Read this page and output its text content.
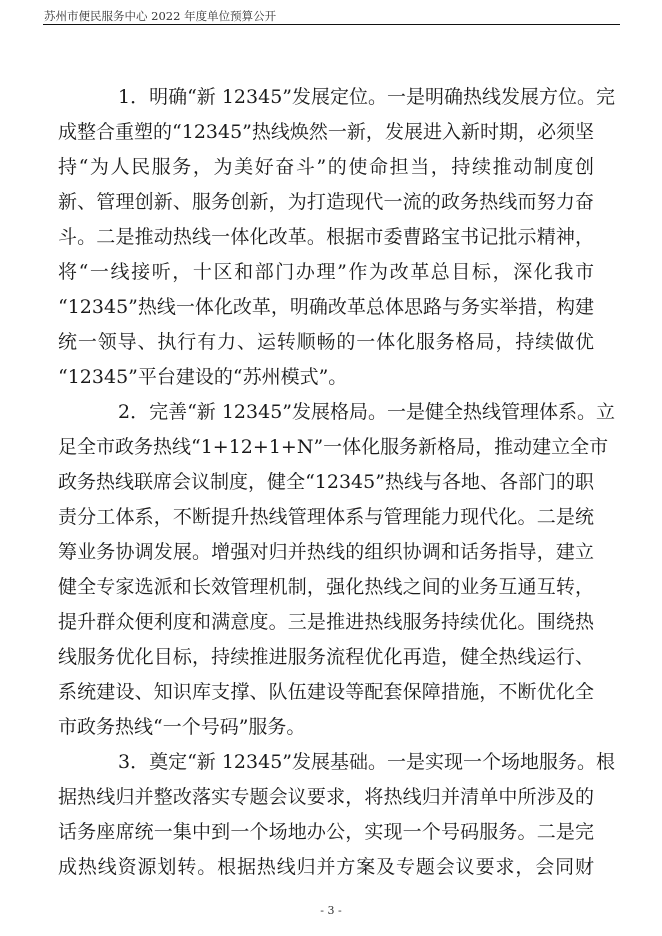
苏州市便民服务中心 2022 年度单位预算公开
1．明确“新 12345”发展定位。一是明确热线发展方位。完
成整合重塑的“12345”热线焕然一新，发展进入新时期，必须坚
持“为人民服务，为美好奋斗”的使命担当，持续推动制度创
新、管理创新、服务创新，为打造现代一流的政务热线而努力奋
斗。二是推动热线一体化改革。根据市委曹路宝书记批示精神，
将“一线接听，十区和部门办理”作为改革总目标，深化我市
“12345”热线一体化改革，明确改革总体思路与务实举措，构建
统一领导、执行有力、运转顺畅的一体化服务格局，持续做优
“12345”平台建设的“苏州模式”。
2．完善“新 12345”发展格局。一是健全热线管理体系。立
足全市政务热线“1+12+1+N”一体化服务新格局，推动建立全市
政务热线联席会议制度，健全“12345”热线与各地、各部门的职
责分工体系，不断提升热线管理体系与管理能力现代化。二是统
筹业务协调发展。增强对归并热线的组织协调和话务指导，建立
健全专家选派和长效管理机制，强化热线之间的业务互通互转，
提升群众便利度和满意度。三是推进热线服务持续优化。围绕热
线服务优化目标，持续推进服务流程优化再造，健全热线运行、
系统建设、知识库支撑、队伍建设等配套保障措施，不断优化全
市政务热线“一个号码”服务。
3．奠定“新 12345”发展基础。一是实现一个场地服务。根
据热线归并整改落实专题会议要求，将热线归并清单中所涉及的
话务座席统一集中到一个场地办公，实现一个号码服务。二是完
成热线资源划转。根据热线归并方案及专题会议要求，会同财
- 3 -
